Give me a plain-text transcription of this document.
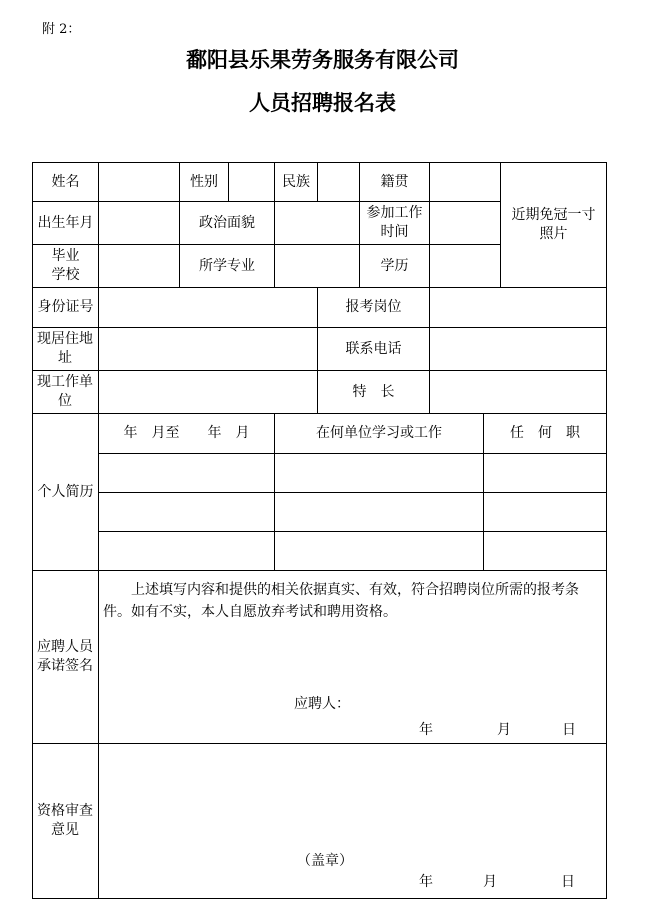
附 2：
鄱阳县乐果劳务服务有限公司
人员招聘报名表
姓名		性别		民族		籍贯			近期免冠一寸照片

出生年月		政治面貌				参加工作时间			

毕业学校		所学专业				学历			
身份证号					报考岗位				

现居住地址					联系电话				

现工作单位					特　长				
个人简历	年　月至　　年　月			在何单位学习或工作				任　何　职	

应聘人员承诺签名	上述填写内容和提供的相关依据真实、有效，符合招聘岗位所需的报考条件。如有不实，本人自愿放弃考试和聘用资格。
应聘人：
年 月 日								

资格审查意见	（盖章）
年 月 日								
